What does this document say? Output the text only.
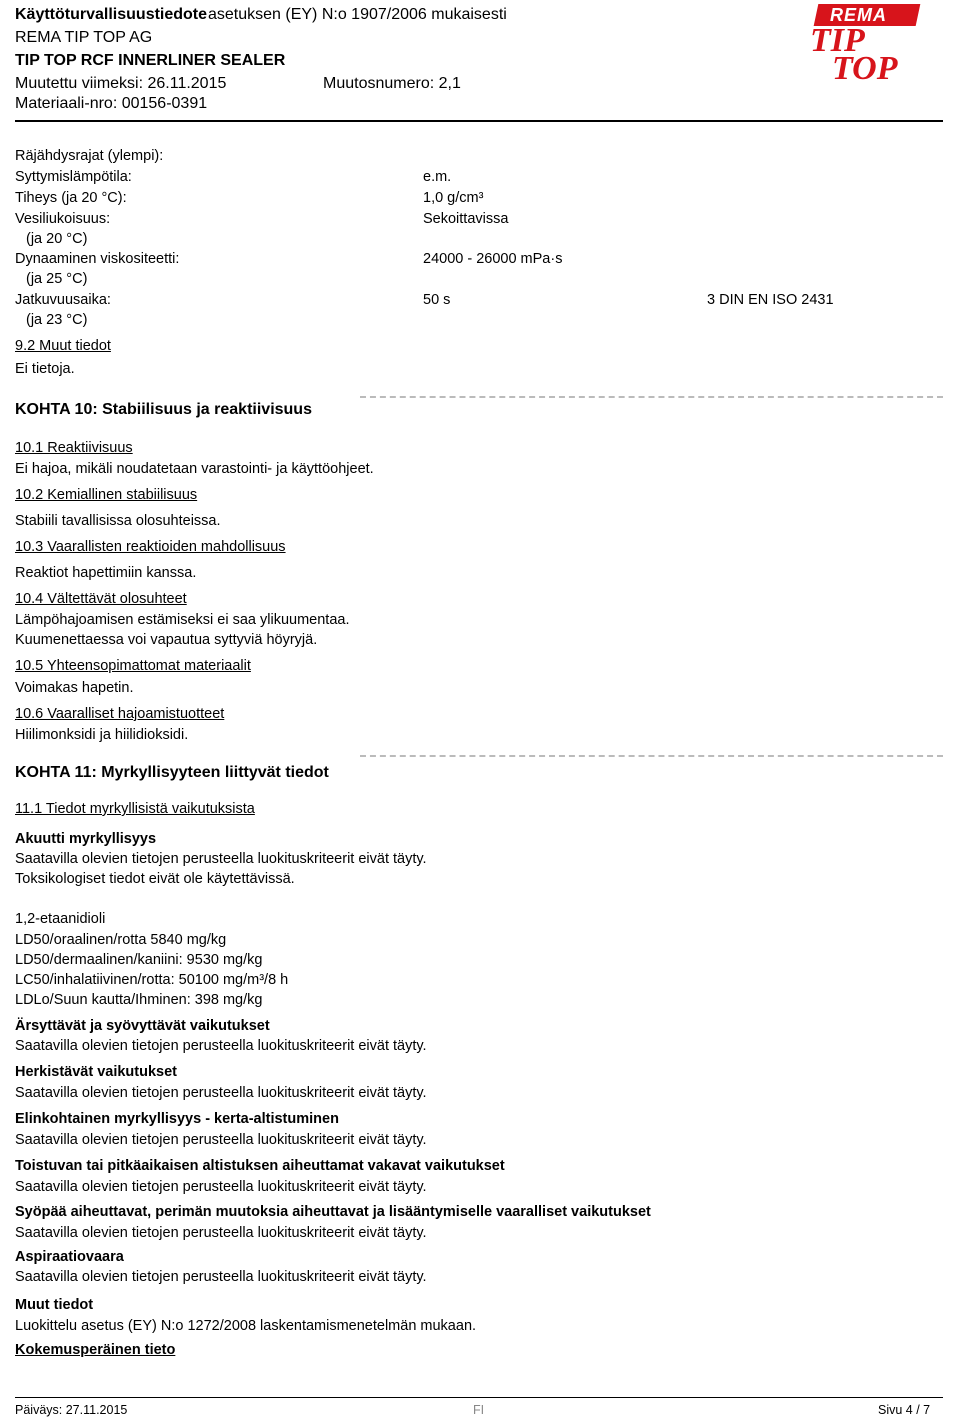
Käyttöturvallisuustiedote asetuksen (EY) N:o 1907/2006 mukaisesti
REMA TIP TOP AG
TIP TOP RCF INNERLINER SEALER
Muutettu viimeksi: 26.11.2015	Muutosnumero: 2,1
Materiaali-nro: 00156-0391
REMA
TIP
TOP
Räjähdysrajat (ylempi):
Syttymislämpötila:	e.m.
Tiheys (ja 20 °C):	1,0 g/cm³
Vesiliukoisuus:	Sekoittavissa
(ja 20 °C)
Dynaaminen viskositeetti:	24000 - 26000 mPa·s
(ja 25 °C)
Jatkuvuusaika:	50 s	3 DIN EN ISO 2431
(ja 23 °C)
9.2 Muut tiedot
Ei tietoja.
KOHTA 10: Stabiilisuus ja reaktiivisuus
10.1 Reaktiivisuus
Ei hajoa, mikäli noudatetaan varastointi- ja käyttöohjeet.
10.2 Kemiallinen stabiilisuus
Stabiili tavallisissa olosuhteissa.
10.3 Vaarallisten reaktioiden mahdollisuus
Reaktiot hapettimiin kanssa.
10.4 Vältettävät olosuhteet
Lämpöhajoamisen estämiseksi ei saa ylikuumentaa.
Kuumenettaessa voi vapautua syttyviä höyryjä.
10.5 Yhteensopimattomat materiaalit
Voimakas hapetin.
10.6 Vaaralliset hajoamistuotteet
Hiilimonksidi ja hiilidioksidi.
KOHTA 11: Myrkyllisyyteen liittyvät tiedot
11.1 Tiedot myrkyllisistä vaikutuksista
Akuutti myrkyllisyys
Saatavilla olevien tietojen perusteella luokituskriteerit eivät täyty.
Toksikologiset tiedot eivät ole käytettävissä.
1,2-etaanidioli
LD50/oraalinen/rotta 5840 mg/kg
LD50/dermaalinen/kaniini: 9530 mg/kg
LC50/inhalatiivinen/rotta: 50100 mg/m³/8 h
LDLo/Suun kautta/Ihminen: 398 mg/kg
Ärsyttävät ja syövyttävät vaikutukset
Saatavilla olevien tietojen perusteella luokituskriteerit eivät täyty.
Herkistävät vaikutukset
Saatavilla olevien tietojen perusteella luokituskriteerit eivät täyty.
Elinkohtainen myrkyllisyys - kerta-altistuminen
Saatavilla olevien tietojen perusteella luokituskriteerit eivät täyty.
Toistuvan tai pitkäaikaisen altistuksen aiheuttamat vakavat vaikutukset
Saatavilla olevien tietojen perusteella luokituskriteerit eivät täyty.
Syöpää aiheuttavat, perimän muutoksia aiheuttavat ja lisääntymiselle vaaralliset vaikutukset
Saatavilla olevien tietojen perusteella luokituskriteerit eivät täyty.
Aspiraatiovaara
Saatavilla olevien tietojen perusteella luokituskriteerit eivät täyty.
Muut tiedot
Luokittelu asetus (EY) N:o 1272/2008 laskentamismenetelmän mukaan.
Kokemusperäinen tieto
Päiväys: 27.11.2015	FI	Sivu 4 / 7
